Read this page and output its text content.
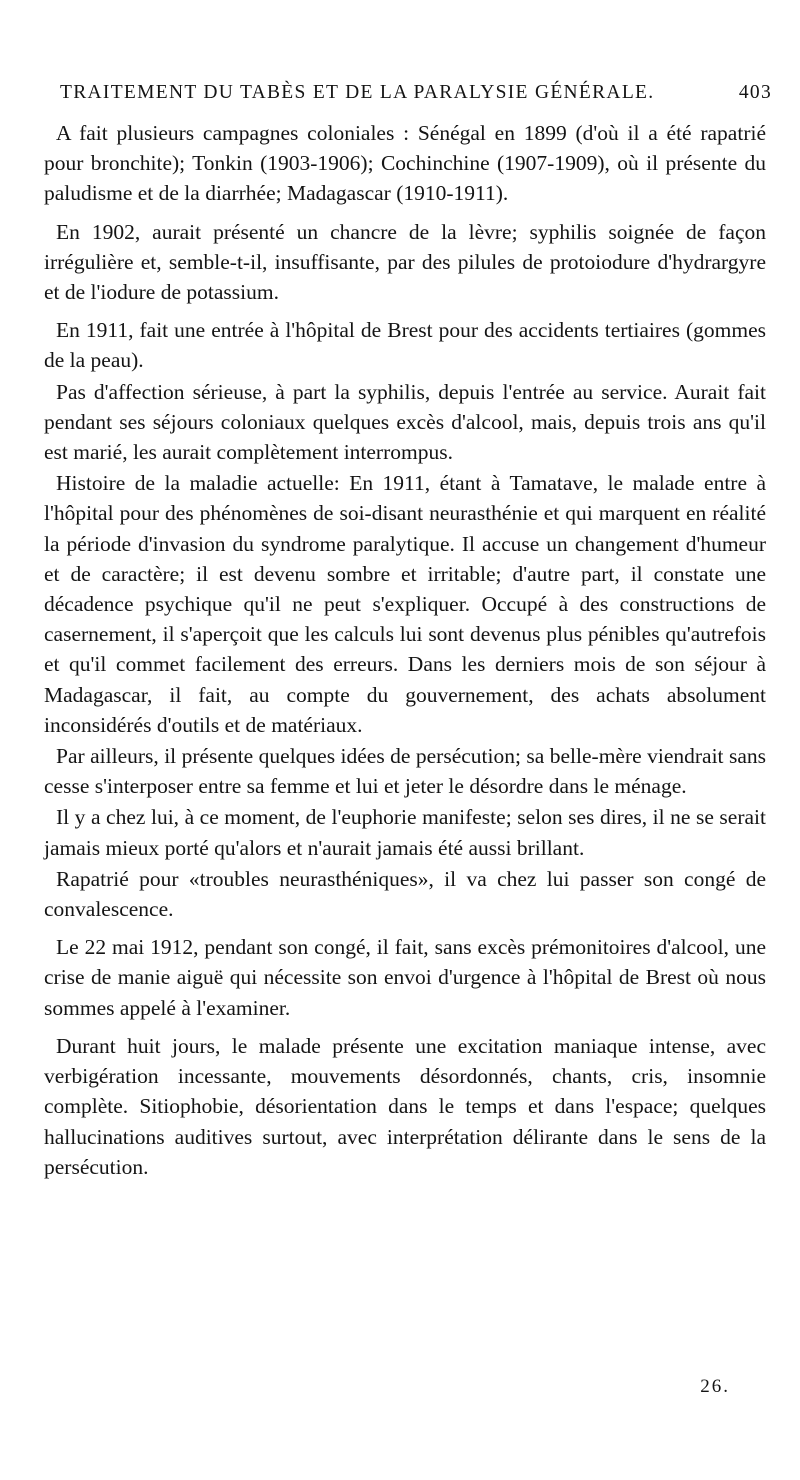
TRAITEMENT DU TABÈS ET DE LA PARALYSIE GÉNÉRALE.	403

A fait plusieurs campagnes coloniales : Sénégal en 1899 (d'où il a été rapatrié pour bronchite); Tonkin (1903-1906); Cochinchine (1907-1909), où il présente du paludisme et de la diarrhée; Madagascar (1910-1911).

En 1902, aurait présenté un chancre de la lèvre; syphilis soignée de façon irrégulière et, semble-t-il, insuffisante, par des pilules de protoiodure d'hydrargyre et de l'iodure de potassium.

En 1911, fait une entrée à l'hôpital de Brest pour des accidents tertiaires (gommes de la peau).

Pas d'affection sérieuse, à part la syphilis, depuis l'entrée au service. Aurait fait pendant ses séjours coloniaux quelques excès d'alcool, mais, depuis trois ans qu'il est marié, les aurait complètement interrompus.

Histoire de la maladie actuelle: En 1911, étant à Tamatave, le malade entre à l'hôpital pour des phénomènes de soi-disant neurasthénie et qui marquent en réalité la période d'invasion du syndrome paralytique. Il accuse un changement d'humeur et de caractère; il est devenu sombre et irritable; d'autre part, il constate une décadence psychique qu'il ne peut s'expliquer. Occupé à des constructions de casernement, il s'aperçoit que les calculs lui sont devenus plus pénibles qu'autrefois et qu'il commet facilement des erreurs. Dans les derniers mois de son séjour à Madagascar, il fait, au compte du gouvernement, des achats absolument inconsidérés d'outils et de matériaux.

Par ailleurs, il présente quelques idées de persécution; sa belle-mère viendrait sans cesse s'interposer entre sa femme et lui et jeter le désordre dans le ménage.

Il y a chez lui, à ce moment, de l'euphorie manifeste; selon ses dires, il ne se serait jamais mieux porté qu'alors et n'aurait jamais été aussi brillant.

Rapatrié pour «troubles neurasthéniques», il va chez lui passer son congé de convalescence.

Le 22 mai 1912, pendant son congé, il fait, sans excès prémonitoires d'alcool, une crise de manie aiguë qui nécessite son envoi d'urgence à l'hôpital de Brest où nous sommes appelé à l'examiner.

Durant huit jours, le malade présente une excitation maniaque intense, avec verbigération incessante, mouvements désordonnés, chants, cris, insomnie complète. Sitiophobie, désorientation dans le temps et dans l'espace; quelques hallucinations auditives surtout, avec interprétation délirante dans le sens de la persécution.

26.
